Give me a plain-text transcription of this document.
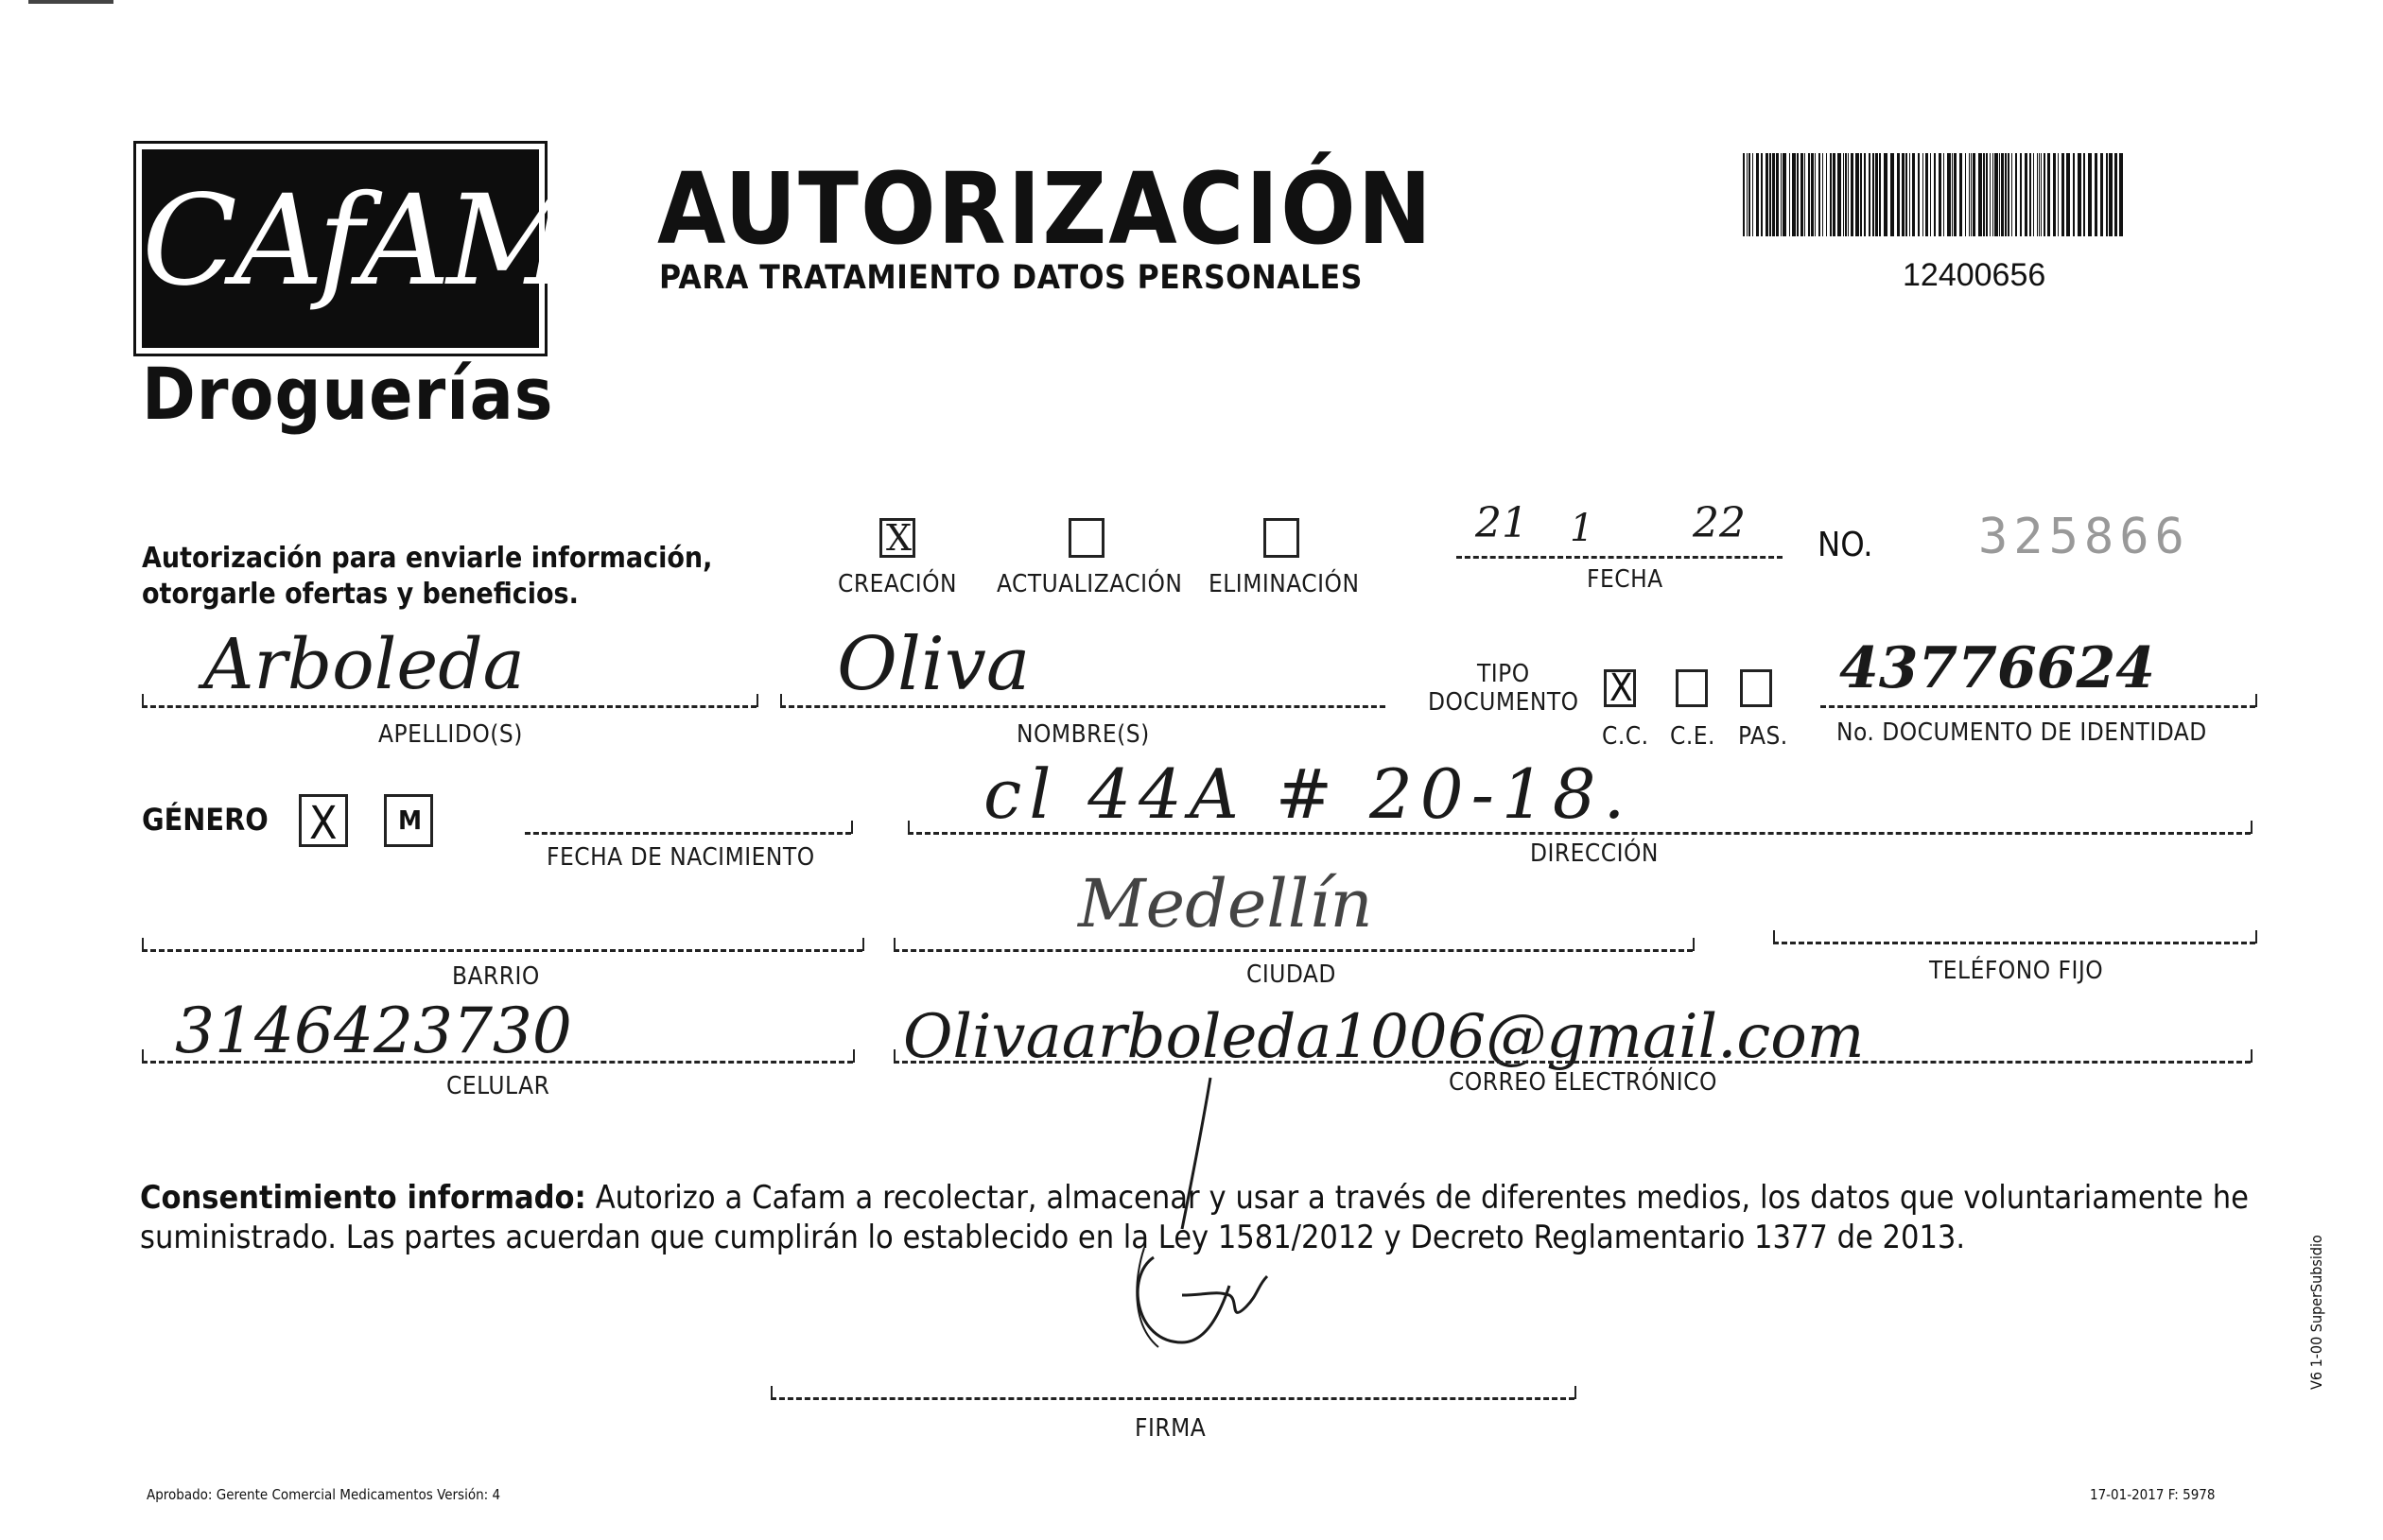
CAfAM
Droguerías
AUTORIZACIÓN
PARA TRATAMIENTO DATOS PERSONALES	12400656
Autorización para enviarle información,
otorgarle ofertas y beneficios.
X
CREACIÓN ACTUALIZACIÓN ELIMINACIÓN
21 1 22
FECHA
NO. 325866
Arboleda
APELLIDO(S)
Oliva
NOMBRE(S)
TIPO
DOCUMENTO X
C.C. C.E. PAS.
43776624
No. DOCUMENTO DE IDENTIDAD
GÉNERO X M
FECHA DE NACIMIENTO
cl 44A # 20-18.
DIRECCIÓN
BARRIO
Medellín
CIUDAD	TELÉFONO FIJO
3146423730
CELULAR
Olivaarboleda1006@gmail.com
CORREO ELECTRÓNICO
Consentimiento informado: Autorizo a Cafam a recolectar, almacenar y usar a través de diferentes medios, los datos que voluntariamente he suministrado. Las partes acuerdan que cumplirán lo establecido en la Ley 1581/2012 y Decreto Reglamentario 1377 de 2013.
FIRMA
Aprobado: Gerente Comercial Medicamentos Versión: 4	17-01-2017 F: 5978
V6 1-00 SuperSubsidio
